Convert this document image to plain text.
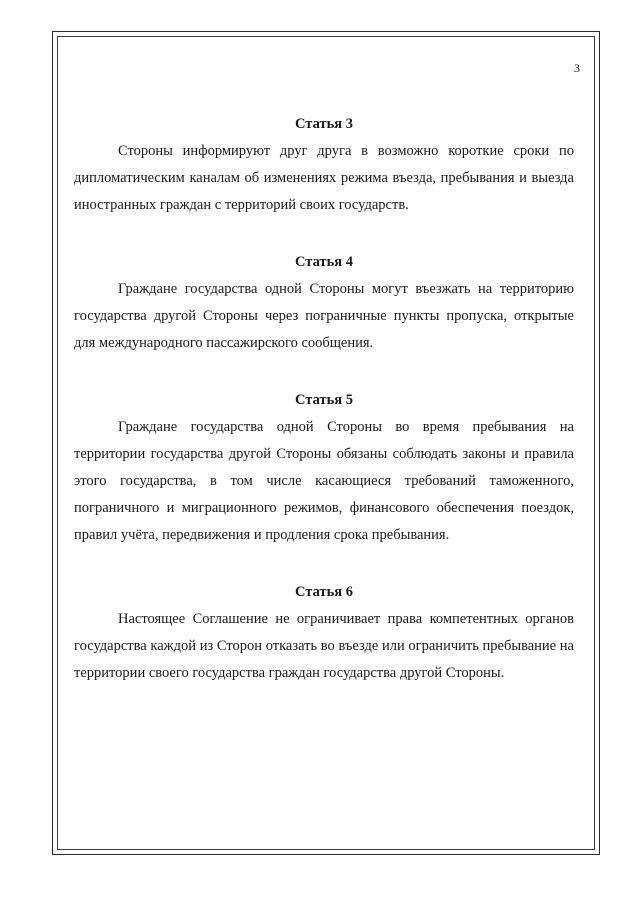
3
Статья 3

Стороны информируют друг друга в возможно короткие сроки по дипломатическим каналам об изменениях режима въезда, пребывания и выезда иностранных граждан с территорий своих государств.

Статья 4

Граждане государства одной Стороны могут въезжать на территорию государства другой Стороны через пограничные пункты пропуска, открытые для международного пассажирского сообщения.

Статья 5

Граждане государства одной Стороны во время пребывания на территории государства другой Стороны обязаны соблюдать законы и правила этого государства, в том числе касающиеся требований таможенного, пограничного и миграционного режимов, финансового обеспечения поездок, правил учёта, передвижения и продления срока пребывания.

Статья 6

Настоящее Соглашение не ограничивает права компетентных органов государства каждой из Сторон отказать во въезде или ограничить пребывание на территории своего государства граждан государства другой Стороны.
